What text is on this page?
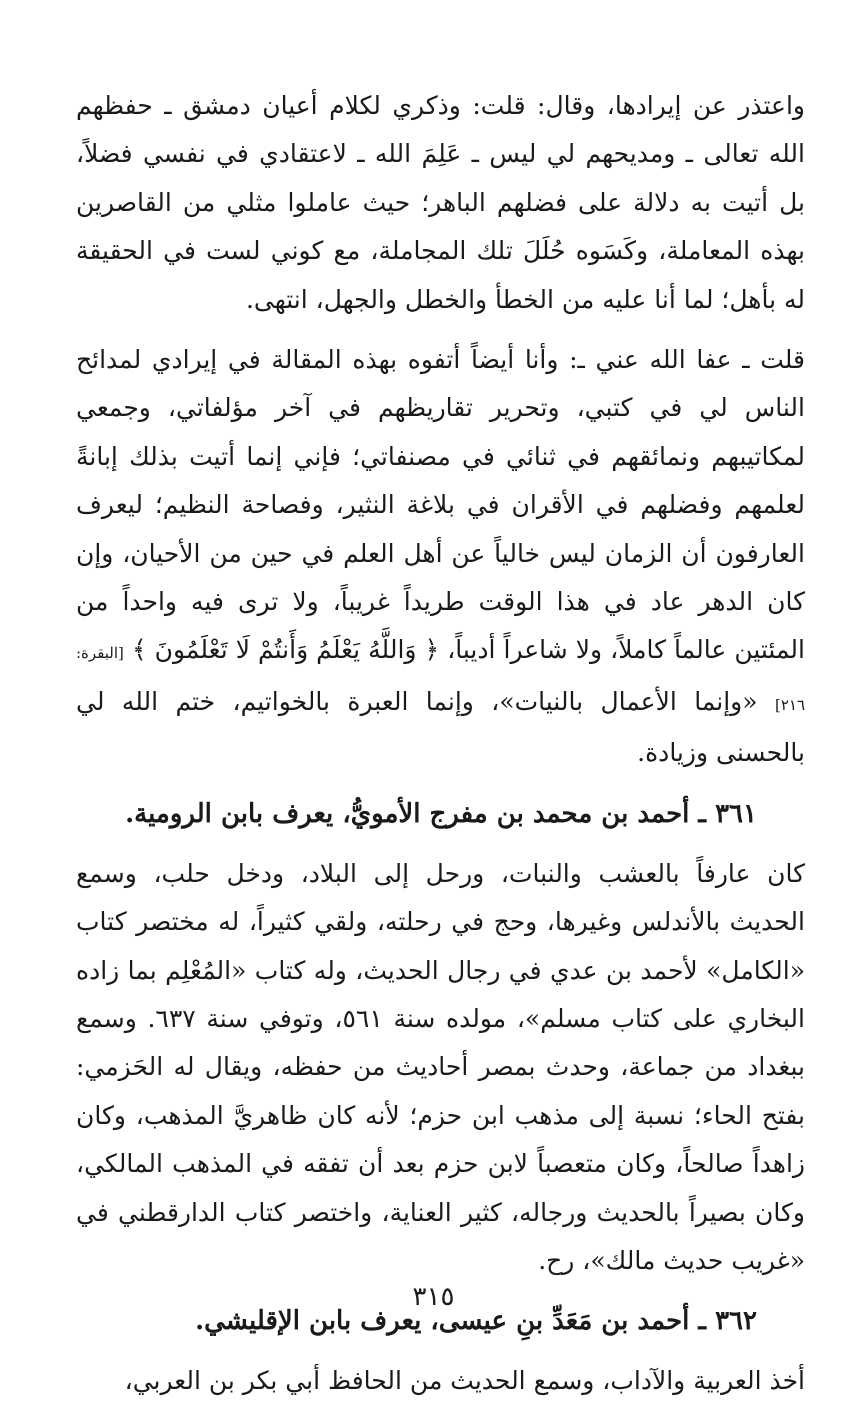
واعتذر عن إيرادها، وقال: قلت: وذكري لكلام أعيان دمشق ـ حفظهم الله تعالى ـ ومديحهم لي ليس ـ عَلِمَ الله ـ لاعتقادي في نفسي فضلاً، بل أتيت به دلالة على فضلهم الباهر؛ حيث عاملوا مثلي من القاصرين بهذه المعاملة، وكَسَوه حُلَلَ تلك المجاملة، مع كوني لست في الحقيقة له بأهل؛ لما أنا عليه من الخطأ والخطل والجهل، انتهى.

قلت ـ عفا الله عني ـ: وأنا أيضاً أتفوه بهذه المقالة في إيرادي لمدائح الناس لي في كتبي، وتحرير تقاريظهم في آخر مؤلفاتي، وجمعي لمكاتيبهم ونمائقهم في ثنائي في مصنفاتي؛ فإني إنما أتيت بذلك إبانةً لعلمهم وفضلهم في الأقران في بلاغة النثير، وفصاحة النظيم؛ ليعرف العارفون أن الزمان ليس خالياً عن أهل العلم في حين من الأحيان، وإن كان الدهر عاد في هذا الوقت طريداً غريباً، ولا ترى فيه واحداً من المئتين عالماً كاملاً، ولا شاعراً أديباً، ﴿ وَاللَّهُ يَعْلَمُ وَأَنتُمْ لَا تَعْلَمُونَ ﴾ [البقرة: ٢١٦] «وإنما الأعمال بالنيات»، وإنما العبرة بالخواتيم، ختم الله لي بالحسنى وزيادة.

٣٦١ ـ أحمد بن محمد بن مفرج الأمويُّ، يعرف بابن الرومية.

كان عارفاً بالعشب والنبات، ورحل إلى البلاد، ودخل حلب، وسمع الحديث بالأندلس وغيرها، وحج في رحلته، ولقي كثيراً، له مختصر كتاب «الكامل» لأحمد بن عدي في رجال الحديث، وله كتاب «المُعْلِم بما زاده البخاري على كتاب مسلم»، مولده سنة ٥٦١، وتوفي سنة ٦٣٧. وسمع ببغداد من جماعة، وحدث بمصر أحاديث من حفظه، ويقال له الحَزمي: بفتح الحاء؛ نسبة إلى مذهب ابن حزم؛ لأنه كان ظاهريَّ المذهب، وكان زاهداً صالحاً، وكان متعصباً لابن حزم بعد أن تفقه في المذهب المالكي، وكان بصيراً بالحديث ورجاله، كثير العناية، واختصر كتاب الدارقطني في «غريب حديث مالك»، رح.

٣٦٢ ـ أحمد بن مَعَدِّ بنِ عيسى، يعرف بابن الإقليشي.

أخذ العربية والآداب، وسمع الحديث من الحافظ أبي بكر بن العربي،

٣١٥
